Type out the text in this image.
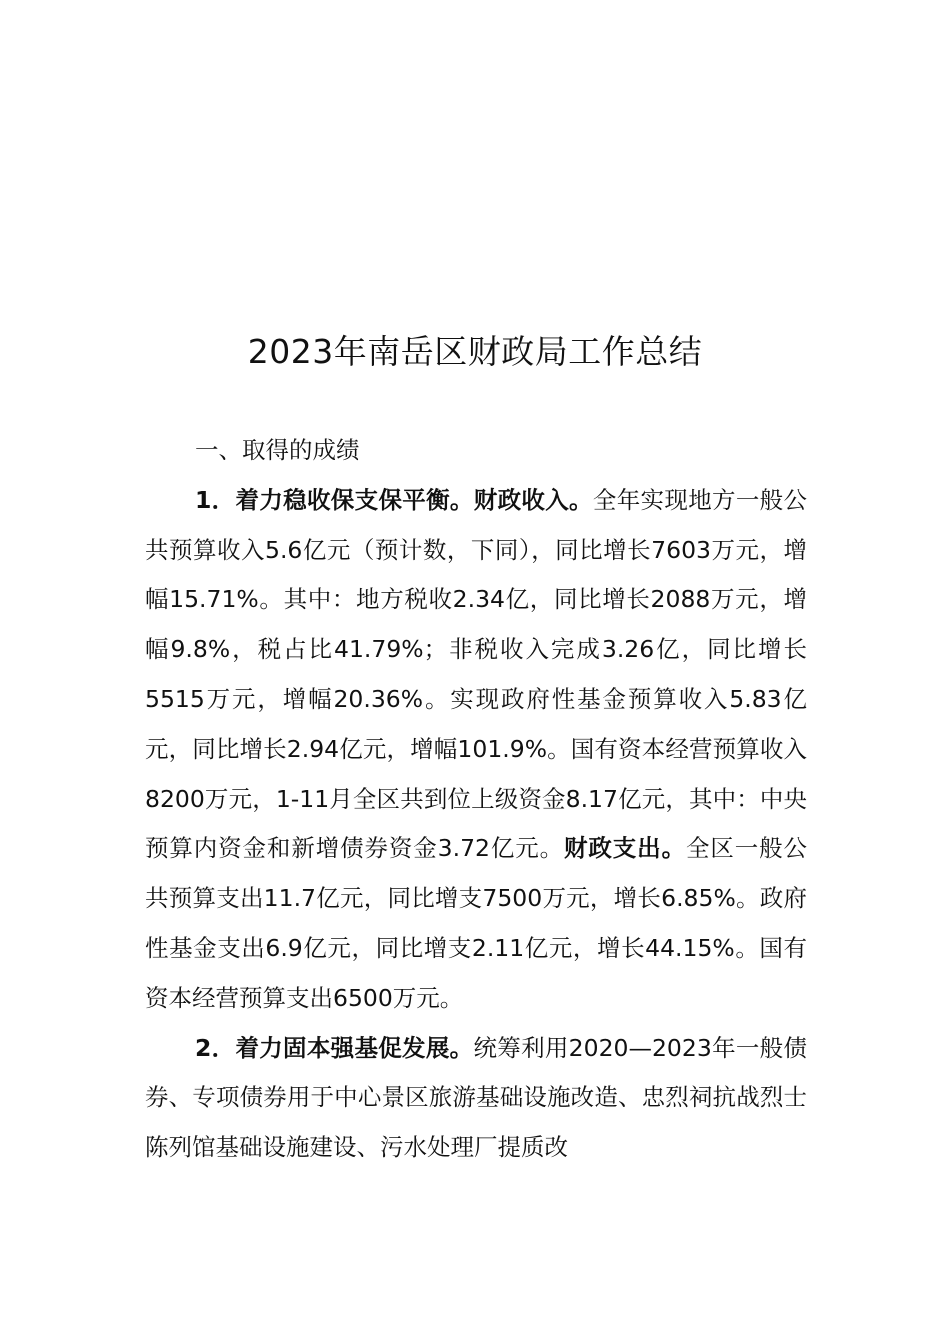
2023年南岳区财政局工作总结

一、取得的成绩

1．着力稳收保支保平衡。财政收入。全年实现地方一般公共预算收入5.6亿元（预计数，下同），同比增长7603万元，增幅15.71%。其中：地方税收2.34亿，同比增长2088万元，增幅9.8%，税占比41.79%；非税收入完成3.26亿，同比增长5515万元，增幅20.36%。实现政府性基金预算收入5.83亿元，同比增长2.94亿元，增幅101.9%。国有资本经营预算收入8200万元，1-11月全区共到位上级资金8.17亿元，其中：中央预算内资金和新增债券资金3.72亿元。财政支出。全区一般公共预算支出11.7亿元，同比增支7500万元，增长6.85%。政府性基金支出6.9亿元，同比增支2.11亿元，增长44.15%。国有资本经营预算支出6500万元。

2．着力固本强基促发展。统筹利用2020—2023年一般债券、专项债券用于中心景区旅游基础设施改造、忠烈祠抗战烈士陈列馆基础设施建设、污水处理厂提质改
